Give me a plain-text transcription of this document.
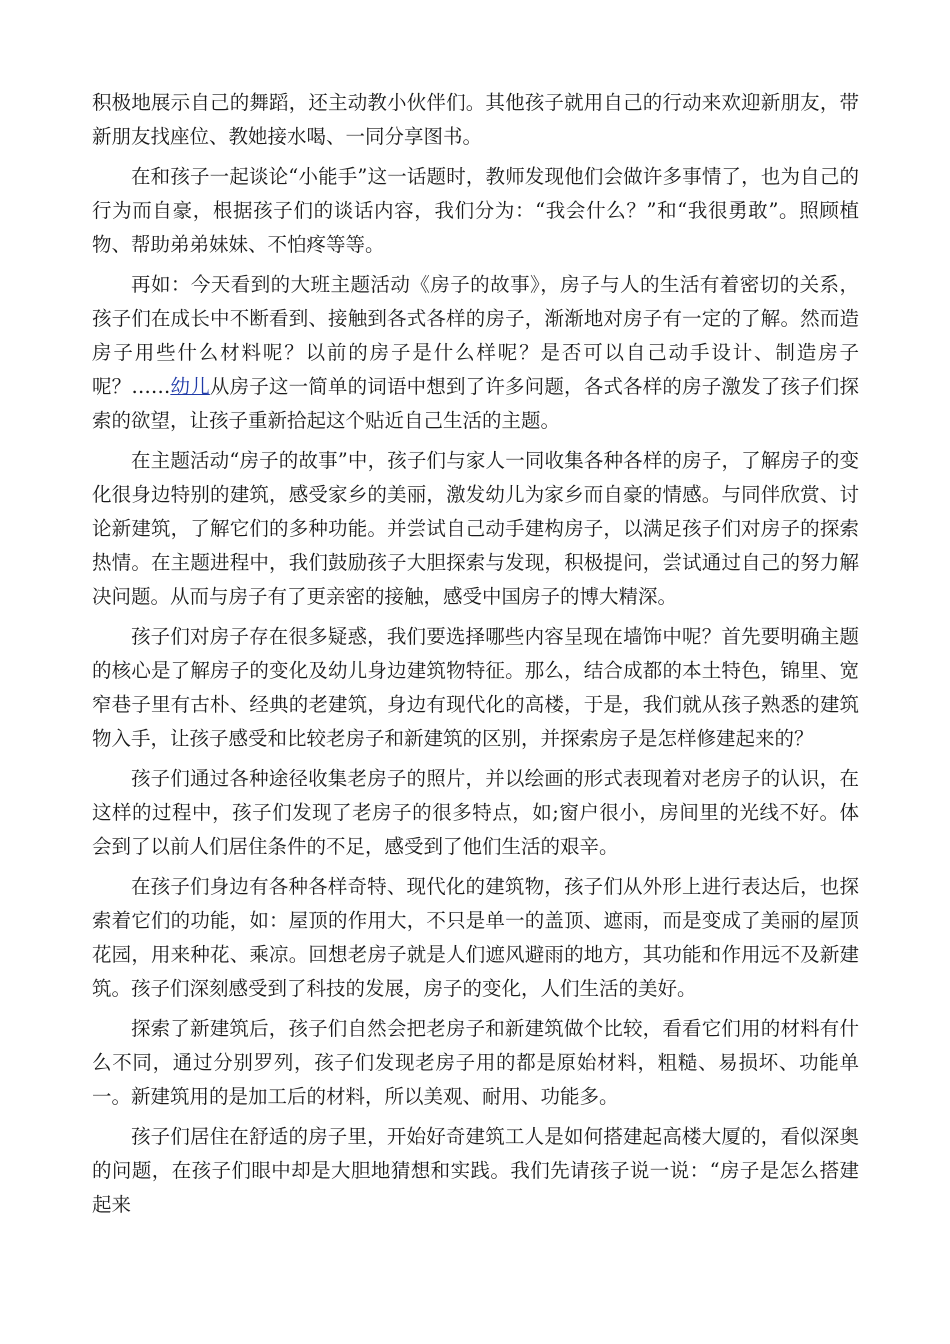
积极地展示自己的舞蹈，还主动教小伙伴们。其他孩子就用自己的行动来欢迎新朋友，带新朋友找座位、教她接水喝、一同分享图书。

在和孩子一起谈论“小能手”这一话题时，教师发现他们会做许多事情了，也为自己的行为而自豪，根据孩子们的谈话内容，我们分为：“我会什么？”和“我很勇敢”。照顾植物、帮助弟弟妹妹、不怕疼等等。

再如：今天看到的大班主题活动《房子的故事》，房子与人的生活有着密切的关系，孩子们在成长中不断看到、接触到各式各样的房子，渐渐地对房子有一定的了解。然而造房子用些什么材料呢？以前的房子是什么样呢？是否可以自己动手设计、制造房子呢？……幼儿从房子这一简单的词语中想到了许多问题，各式各样的房子激发了孩子们探索的欲望，让孩子重新拾起这个贴近自己生活的主题。

在主题活动“房子的故事”中，孩子们与家人一同收集各种各样的房子，了解房子的变化很身边特别的建筑，感受家乡的美丽，激发幼儿为家乡而自豪的情感。与同伴欣赏、讨论新建筑，了解它们的多种功能。并尝试自己动手建构房子，以满足孩子们对房子的探索热情。在主题进程中，我们鼓励孩子大胆探索与发现，积极提问，尝试通过自己的努力解决问题。从而与房子有了更亲密的接触，感受中国房子的博大精深。

孩子们对房子存在很多疑惑，我们要选择哪些内容呈现在墙饰中呢？首先要明确主题的核心是了解房子的变化及幼儿身边建筑物特征。那么，结合成都的本土特色，锦里、宽窄巷子里有古朴、经典的老建筑，身边有现代化的高楼，于是，我们就从孩子熟悉的建筑物入手，让孩子感受和比较老房子和新建筑的区别，并探索房子是怎样修建起来的？

孩子们通过各种途径收集老房子的照片，并以绘画的形式表现着对老房子的认识，在这样的过程中，孩子们发现了老房子的很多特点，如;窗户很小，房间里的光线不好。体会到了以前人们居住条件的不足，感受到了他们生活的艰辛。

在孩子们身边有各种各样奇特、现代化的建筑物，孩子们从外形上进行表达后，也探索着它们的功能，如：屋顶的作用大，不只是单一的盖顶、遮雨，而是变成了美丽的屋顶花园，用来种花、乘凉。回想老房子就是人们遮风避雨的地方，其功能和作用远不及新建筑。孩子们深刻感受到了科技的发展，房子的变化，人们生活的美好。

探索了新建筑后，孩子们自然会把老房子和新建筑做个比较，看看它们用的材料有什么不同，通过分别罗列，孩子们发现老房子用的都是原始材料，粗糙、易损坏、功能单一。新建筑用的是加工后的材料，所以美观、耐用、功能多。

孩子们居住在舒适的房子里，开始好奇建筑工人是如何搭建起高楼大厦的，看似深奥的问题，在孩子们眼中却是大胆地猜想和实践。我们先请孩子说一说：“房子是怎么搭建起来
